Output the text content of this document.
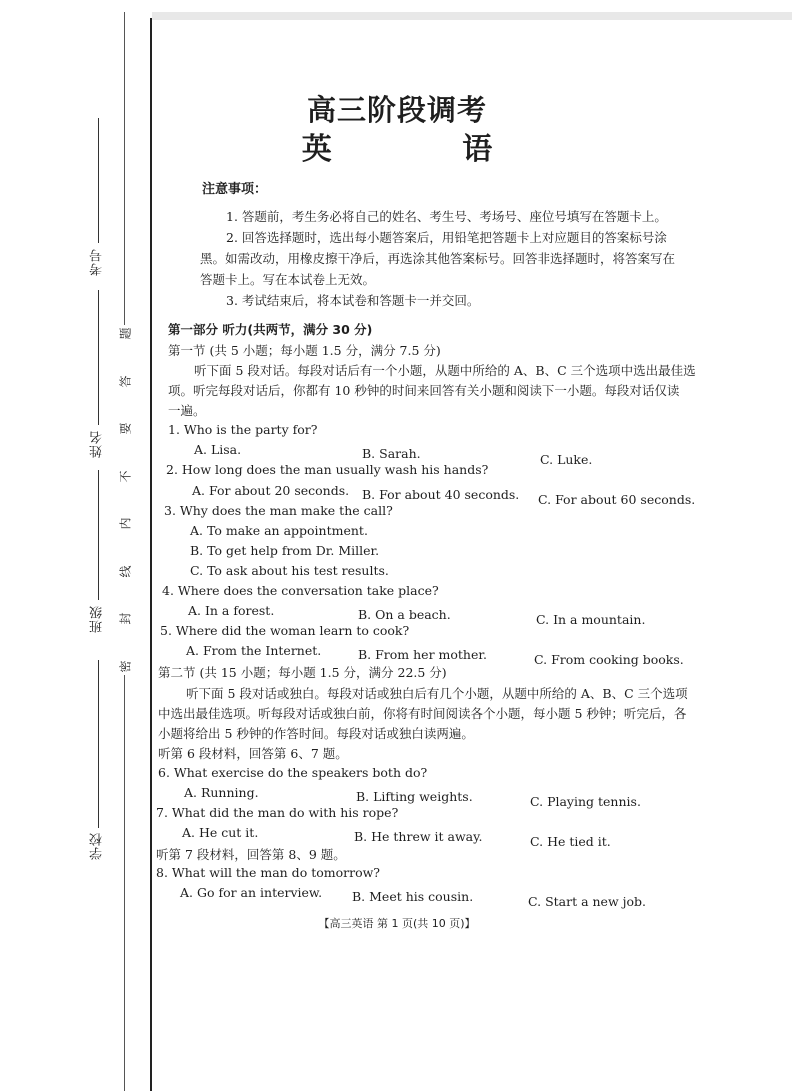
考号
姓名
班级
学校
题
答
要
不
内
线
封
密
高三阶段调考
英 语
注意事项：
1. 答题前，考生务必将自己的姓名、考生号、考场号、座位号填写在答题卡上。
2. 回答选择题时，选出每小题答案后，用铅笔把答题卡上对应题目的答案标号涂
黑。如需改动，用橡皮擦干净后，再选涂其他答案标号。回答非选择题时，将答案写在
答题卡上。写在本试卷上无效。
3. 考试结束后，将本试卷和答题卡一并交回。
第一部分 听力(共两节，满分 30 分)
第一节 (共 5 小题；每小题 1.5 分，满分 7.5 分)
听下面 5 段对话。每段对话后有一个小题，从题中所给的 A、B、C 三个选项中选出最佳选
项。听完每段对话后，你都有 10 秒钟的时间来回答有关小题和阅读下一小题。每段对话仅读
一遍。
1. Who is the party for?
A. Lisa.	B. Sarah.	C. Luke.
2. How long does the man usually wash his hands?
A. For about 20 seconds. B. For about 40 seconds. C. For about 60 seconds.
3. Why does the man make the call?
A. To make an appointment.
B. To get help from Dr. Miller.
C. To ask about his test results.
4. Where does the conversation take place?
A. In a forest.	B. On a beach.	C. In a mountain.
5. Where did the woman learn to cook?
A. From the Internet.	B. From her mother.	C. From cooking books.
第二节 (共 15 小题；每小题 1.5 分，满分 22.5 分)
听下面 5 段对话或独白。每段对话或独白后有几个小题，从题中所给的 A、B、C 三个选项
中选出最佳选项。听每段对话或独白前，你将有时间阅读各个小题，每小题 5 秒钟；听完后，各
小题将给出 5 秒钟的作答时间。每段对话或独白读两遍。
听第 6 段材料，回答第 6、7 题。
6. What exercise do the speakers both do?
A. Running.	B. Lifting weights.	C. Playing tennis.
7. What did the man do with his rope?
A. He cut it.	B. He threw it away.	C. He tied it.
听第 7 段材料，回答第 8、9 题。
8. What will the man do tomorrow?
A. Go for an interview. B. Meet his cousin.	C. Start a new job.
【高三英语 第 1 页(共 10 页)】
